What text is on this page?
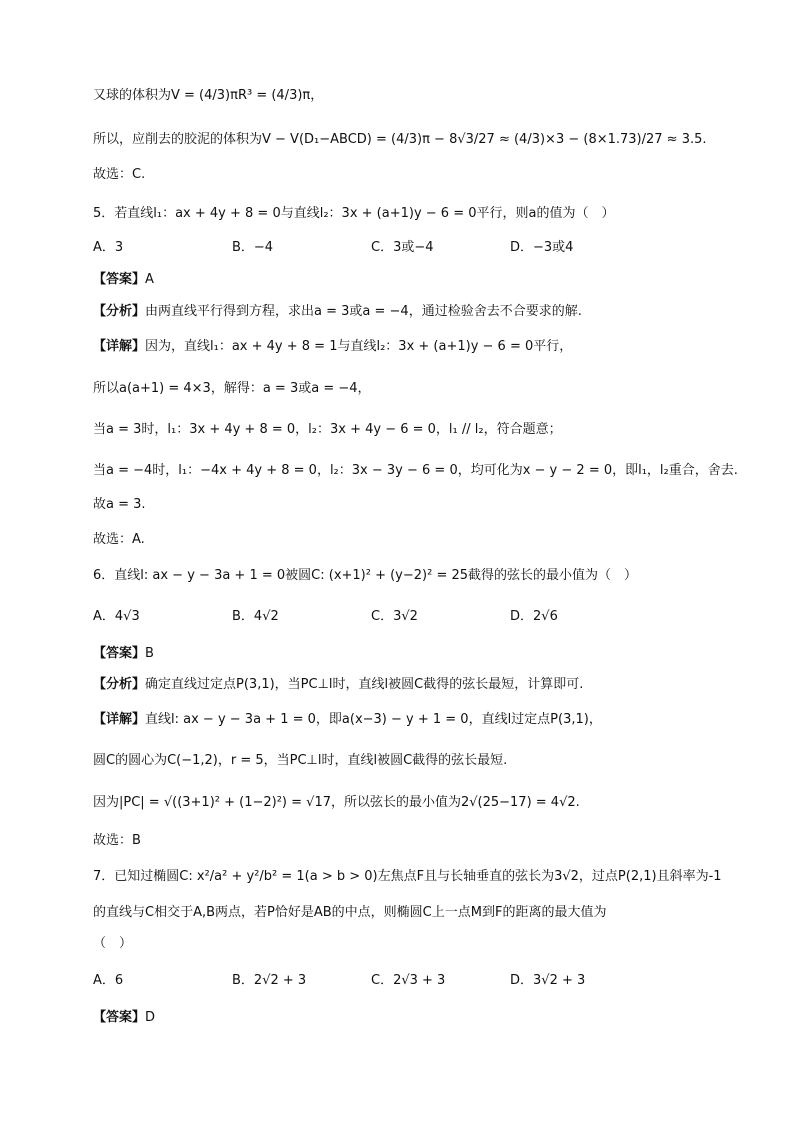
又球的体积为V = (4/3)πR³ = (4/3)π，
所以，应削去的胶泥的体积为V − V(D₁−ABCD) = (4/3)π − 8√3/27 ≈ (4/3)×3 − (8×1.73)/27 ≈ 3.5.
故选：C.
5．若直线l₁：ax + 4y + 8 = 0与直线l₂：3x + (a+1)y − 6 = 0平行，则a的值为（　）
A．3	B．−4	C．3或−4	D．−3或4
【答案】A
【分析】由两直线平行得到方程，求出a = 3或a = −4，通过检验舍去不合要求的解.
【详解】因为，直线l₁：ax + 4y + 8 = 1与直线l₂：3x + (a+1)y − 6 = 0平行，
所以a(a+1) = 4×3，解得：a = 3或a = −4，
当a = 3时，l₁：3x + 4y + 8 = 0，l₂：3x + 4y − 6 = 0，l₁ // l₂，符合题意；
当a = −4时，l₁：−4x + 4y + 8 = 0，l₂：3x − 3y − 6 = 0，均可化为x − y − 2 = 0，即l₁，l₂重合，舍去.
故a = 3.
故选：A.
6．直线l: ax − y − 3a + 1 = 0被圆C: (x+1)² + (y−2)² = 25截得的弦长的最小值为（　）
A．4√3	B．4√2	C．3√2	D．2√6
【答案】B
【分析】确定直线过定点P(3,1)，当PC⊥l时，直线l被圆C截得的弦长最短，计算即可.
【详解】直线l: ax − y − 3a + 1 = 0，即a(x−3) − y + 1 = 0，直线l过定点P(3,1)，
圆C的圆心为C(−1,2)，r = 5，当PC⊥l时，直线l被圆C截得的弦长最短.
因为|PC| = √((3+1)² + (1−2)²) = √17，所以弦长的最小值为2√(25−17) = 4√2.
故选：B
7．已知过椭圆C: x²/a² + y²/b² = 1(a > b > 0)左焦点F且与长轴垂直的弦长为3√2，过点P(2,1)且斜率为-1
的直线与C相交于A,B两点，若P恰好是AB的中点，则椭圆C上一点M到F的距离的最大值为
（　）
A．6	B．2√2 + 3	C．2√3 + 3	D．3√2 + 3
【答案】D
